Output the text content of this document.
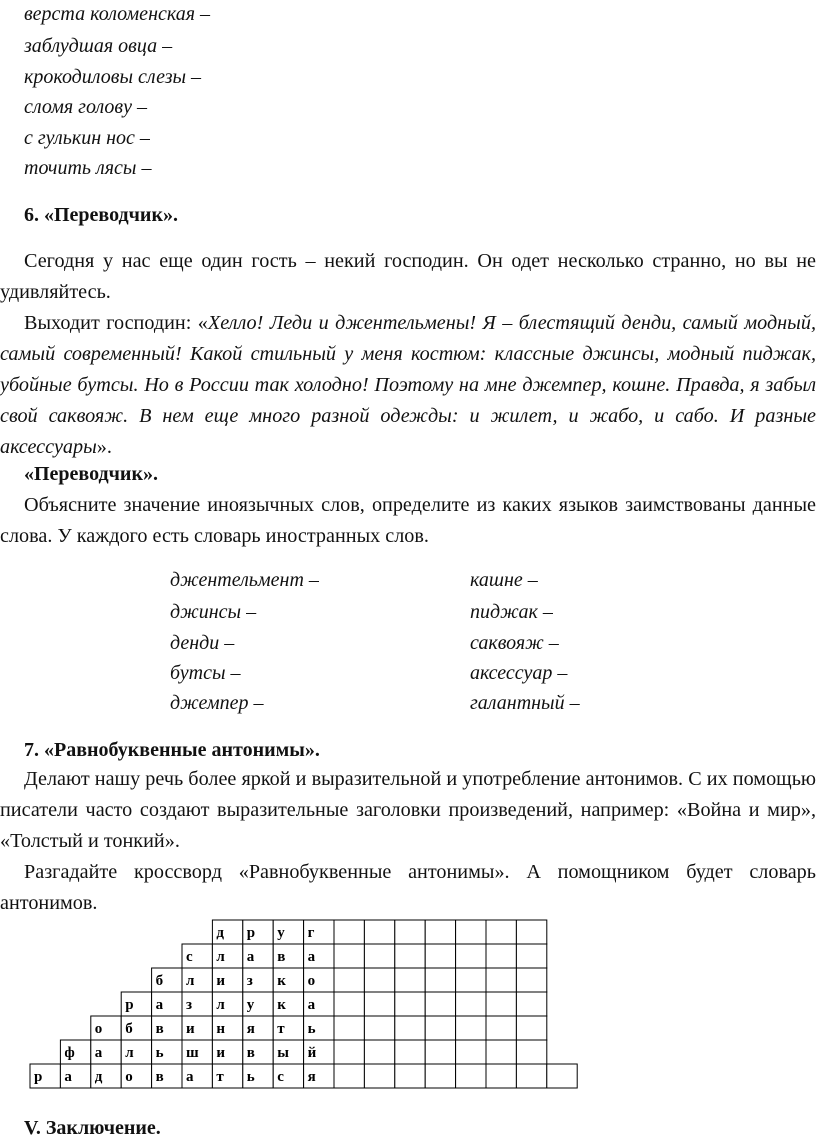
верста коломенская –
заблудшая овца –
крокодиловы слезы –
сломя голову –
с гулькин нос –
точить лясы –
6. «Переводчик».
Сегодня у нас еще один гость – некий господин. Он одет несколько странно, но вы не удивляйтесь.
Выходит господин: «Хелло! Леди и джентельмены! Я – блестящий денди, самый модный, самый современный! Какой стильный у меня костюм: классные джинсы, модный пиджак, убойные бутсы. Но в России так холодно! Поэтому на мне джемпер, кошне. Правда, я забыл свой саквояж. В нем еще много разной одежды: и жилет, и жабо, и сабо. И разные аксессуары».
«Переводчик».
Объясните значение иноязычных слов, определите из каких языков заимствованы данные слова. У каждого есть словарь иностранных слов.
джентельмент –
джинсы –
денди –
бутсы –
джемпер –
кашне –
пиджак –
саквояж –
аксессуар –
галантный –
7. «Равнобуквенные антонимы».
Делают нашу речь более яркой и выразительной и употребление антонимов. С их помощью писатели часто создают выразительные заголовки произведений, например: «Война и мир», «Толстый и тонкий».
Разгадайте кроссворд «Равнобуквенные антонимы». А помощником будет словарь антонимов.
д р у г
с л а в а
б л и з к о
р а з л у к а
о б в и н я т ь
ф а л ь ш и в ы й
р а д о в а т ь с я
V. Заключение.
